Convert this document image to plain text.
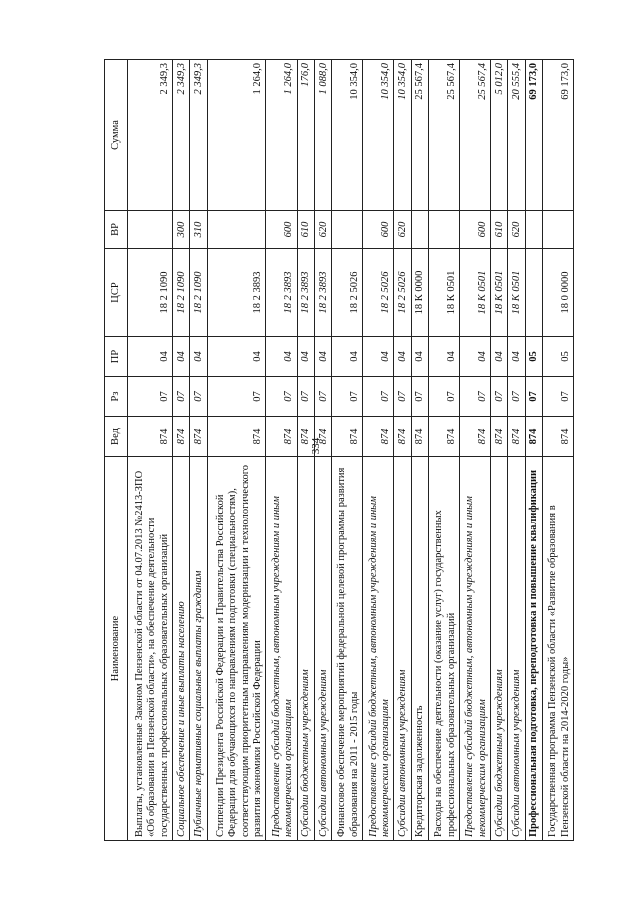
334
Наименование	Вед	Рз	ПР	ЦСР	ВР	Сумма
Выплаты, установленные Законом Пензенской области от 04.07.2013 №2413-ЗПО «Об образовании в Пензенской области», на обеспечение деятельности государственных профессиональных образовательных организаций	874	07	04	18 2 1090		2 349,3
Социальное обеспечение и иные выплаты населению	874	07	04	18 2 1090	300	2 349,3
Публичные нормативные социальные выплаты гражданам	874	07	04	18 2 1090	310	2 349,3
Стипендии Президента Российской Федерации и Правительства Российской Федерации для обучающихся по направлениям подготовки (специальностям), соответствующим приоритетным направлениям модернизации и технологического развития экономики Российской Федерации	874	07	04	18 2 3893		1 264,0
Предоставление субсидий бюджетным, автономным учреждениям и иным некоммерческим организациям	874	07	04	18 2 3893	600	1 264,0
Субсидии бюджетным учреждениям	874	07	04	18 2 3893	610	176,0
Субсидии автономным учреждениям	874	07	04	18 2 3893	620	1 088,0
Финансовое обеспечение мероприятий федеральной целевой программы развития образования на 2011 - 2015 годы	874	07	04	18 2 5026		10 354,0
Предоставление субсидий бюджетным, автономным учреждениям и иным некоммерческим организациям	874	07	04	18 2 5026	600	10 354,0
Субсидии автономным учреждениям	874	07	04	18 2 5026	620	10 354,0
Кредиторская задолженность	874	07	04	18 К 0000		25 567,4
Расходы на обеспечение деятельности (оказание услуг) государственных профессиональных образовательных организаций	874	07	04	18 К 0501		25 567,4
Предоставление субсидий бюджетным, автономным учреждениям и иным некоммерческим организациям	874	07	04	18 К 0501	600	25 567,4
Субсидии бюджетным учреждениям	874	07	04	18 К 0501	610	5 012,0
Субсидии автономным учреждениям	874	07	04	18 К 0501	620	20 555,4
Профессиональная подготовка, переподготовка и повышение квалификации	874	07	05			69 173,0
Государственная программа Пензенской области «Развитие образования в Пензенской области на 2014-2020 годы»	874	07	05	18 0 0000		69 173,0
